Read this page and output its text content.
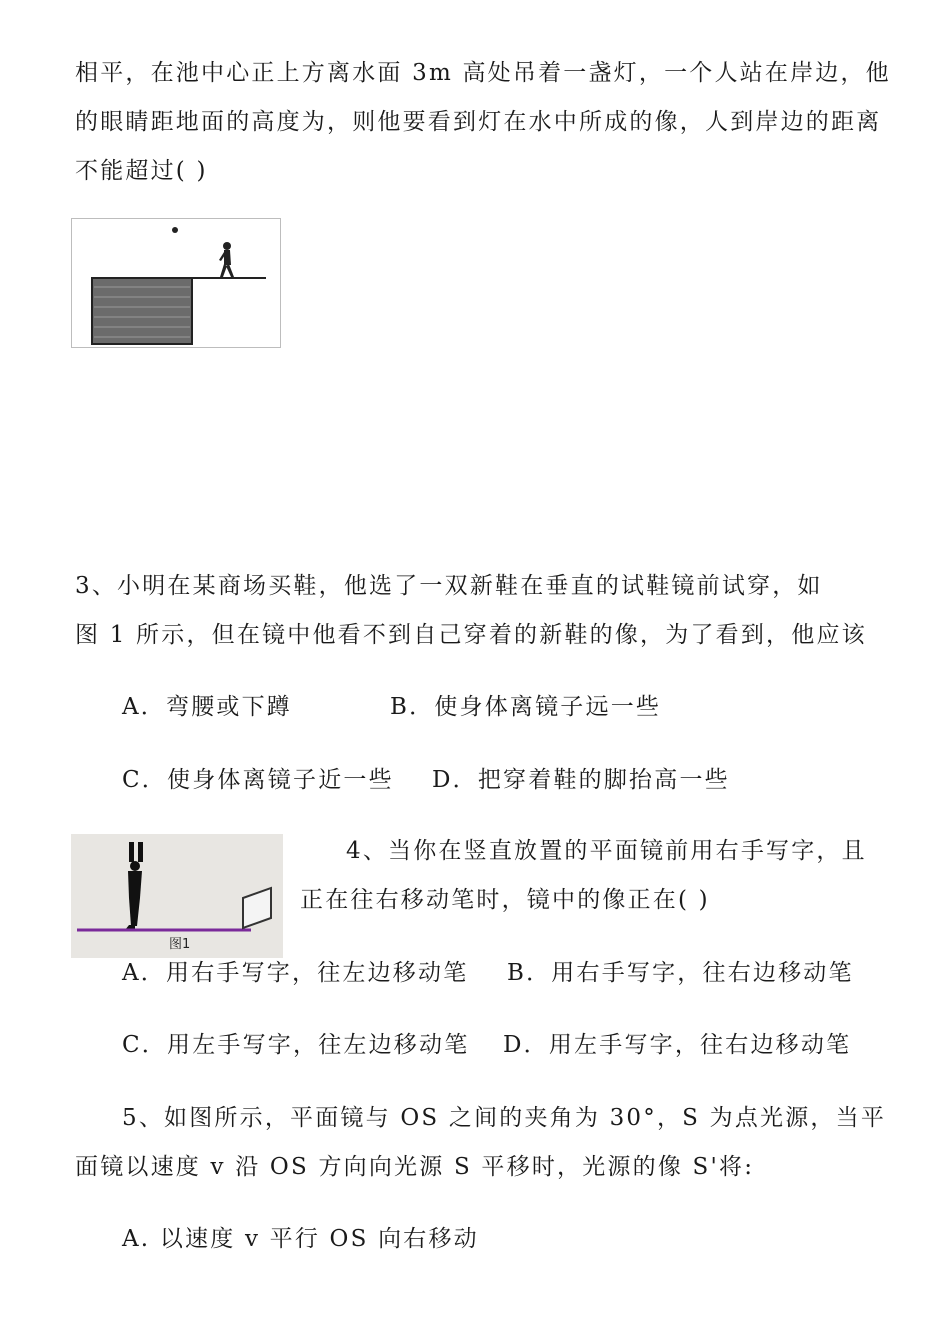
相平，在池中心正上方离水面 3m 高处吊着一盏灯，一个人站在岸边，他
的眼睛距地面的高度为，则他要看到灯在水中所成的像，人到岸边的距离
不能超过( )
3、小明在某商场买鞋，他选了一双新鞋在垂直的试鞋镜前试穿，如
图 1 所示，但在镜中他看不到自己穿着的新鞋的像，为了看到，他应该
A．弯腰或下蹲	B．使身体离镜子远一些
C．使身体离镜子近一些 D．把穿着鞋的脚抬高一些
图1
4、当你在竖直放置的平面镜前用右手写字，且
正在往右移动笔时，镜中的像正在( )
A．用右手写字，往左边移动笔 B．用右手写字，往右边移动笔
C．用左手写字，往左边移动笔 D．用左手写字，往右边移动笔
5、如图所示，平面镜与 OS 之间的夹角为 30°，S 为点光源，当平
面镜以速度 v 沿 OS 方向向光源 S 平移时，光源的像 S'将:
A. 以速度 v 平行 OS 向右移动
